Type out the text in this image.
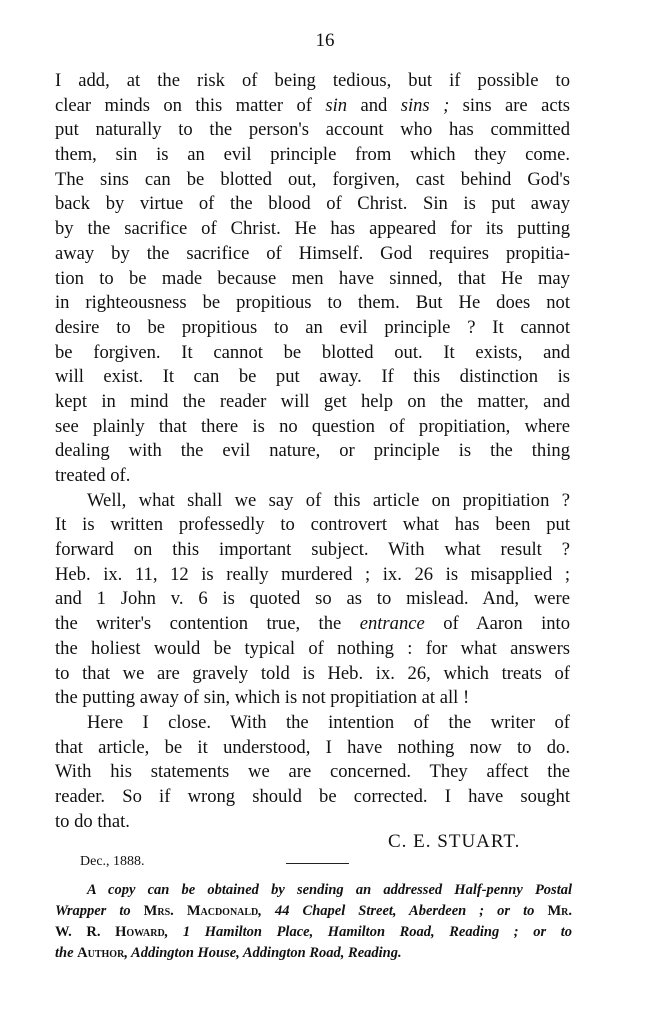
16
I add, at the risk of being tedious, but if possible to
clear minds on this matter of sin and sins ; sins are acts
put naturally to the person's account who has committed
them, sin is an evil principle from which they come.
The sins can be blotted out, forgiven, cast behind God's
back by virtue of the blood of Christ. Sin is put away
by the sacrifice of Christ. He has appeared for its putting
away by the sacrifice of Himself. God requires propitia-
tion to be made because men have sinned, that He may
in righteousness be propitious to them. But He does not
desire to be propitious to an evil principle ? It cannot
be forgiven. It cannot be blotted out. It exists, and
will exist. It can be put away. If this distinction is
kept in mind the reader will get help on the matter, and
see plainly that there is no question of propitiation, where
dealing with the evil nature, or principle is the thing
treated of.
Well, what shall we say of this article on propitiation ?
It is written professedly to controvert what has been put
forward on this important subject. With what result ?
Heb. ix. 11, 12 is really murdered ; ix. 26 is misapplied ;
and 1 John v. 6 is quoted so as to mislead. And, were
the writer's contention true, the entrance of Aaron into
the holiest would be typical of nothing : for what answers
to that we are gravely told is Heb. ix. 26, which treats of
the putting away of sin, which is not propitiation at all !
Here I close. With the intention of the writer of
that article, be it understood, I have nothing now to do.
With his statements we are concerned. They affect the
reader. So if wrong should be corrected. I have sought
to do that.
C. E. STUART.
Dec., 1888.
A copy can be obtained by sending an addressed Half-penny Postal
Wrapper to Mrs. Macdonald, 44 Chapel Street, Aberdeen ; or to Mr.
W. R. Howard, 1 Hamilton Place, Hamilton Road, Reading ; or to
the Author, Addington House, Addington Road, Reading.
